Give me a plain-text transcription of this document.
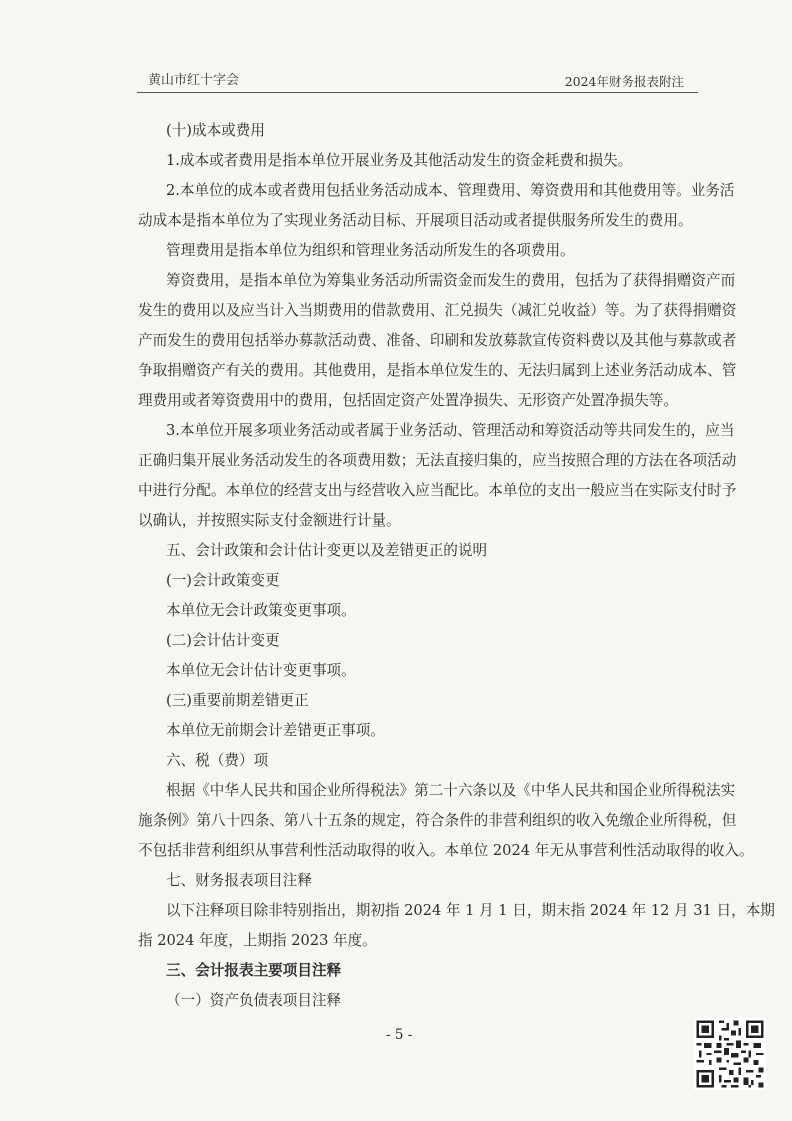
黄山市红十字会	2024年财务报表附注
(十)成本或费用
1.成本或者费用是指本单位开展业务及其他活动发生的资金耗费和损失。
2.本单位的成本或者费用包括业务活动成本、管理费用、筹资费用和其他费用等。业务活
动成本是指本单位为了实现业务活动目标、开展项目活动或者提供服务所发生的费用。
管理费用是指本单位为组织和管理业务活动所发生的各项费用。
筹资费用，是指本单位为筹集业务活动所需资金而发生的费用，包括为了获得捐赠资产而
发生的费用以及应当计入当期费用的借款费用、汇兑损失（减汇兑收益）等。为了获得捐赠资
产而发生的费用包括举办募款活动费、准备、印刷和发放募款宣传资料费以及其他与募款或者
争取捐赠资产有关的费用。其他费用，是指本单位发生的、无法归属到上述业务活动成本、管
理费用或者筹资费用中的费用，包括固定资产处置净损失、无形资产处置净损失等。
3.本单位开展多项业务活动或者属于业务活动、管理活动和筹资活动等共同发生的，应当
正确归集开展业务活动发生的各项费用数；无法直接归集的，应当按照合理的方法在各项活动
中进行分配。本单位的经营支出与经营收入应当配比。本单位的支出一般应当在实际支付时予
以确认，并按照实际支付金额进行计量。
五、会计政策和会计估计变更以及差错更正的说明
(一)会计政策变更
本单位无会计政策变更事项。
(二)会计估计变更
本单位无会计估计变更事项。
(三)重要前期差错更正
本单位无前期会计差错更正事项。
六、税（费）项
根据《中华人民共和国企业所得税法》第二十六条以及《中华人民共和国企业所得税法实
施条例》第八十四条、第八十五条的规定，符合条件的非营利组织的收入免缴企业所得税，但
不包括非营利组织从事营利性活动取得的收入。本单位 2024 年无从事营利性活动取得的收入。
七、财务报表项目注释
以下注释项目除非特别指出，期初指 2024 年 1 月 1 日，期末指 2024 年 12 月 31 日，本期
指 2024 年度，上期指 2023 年度。
三、会计报表主要项目注释
（一）资产负债表项目注释
- 5 -
